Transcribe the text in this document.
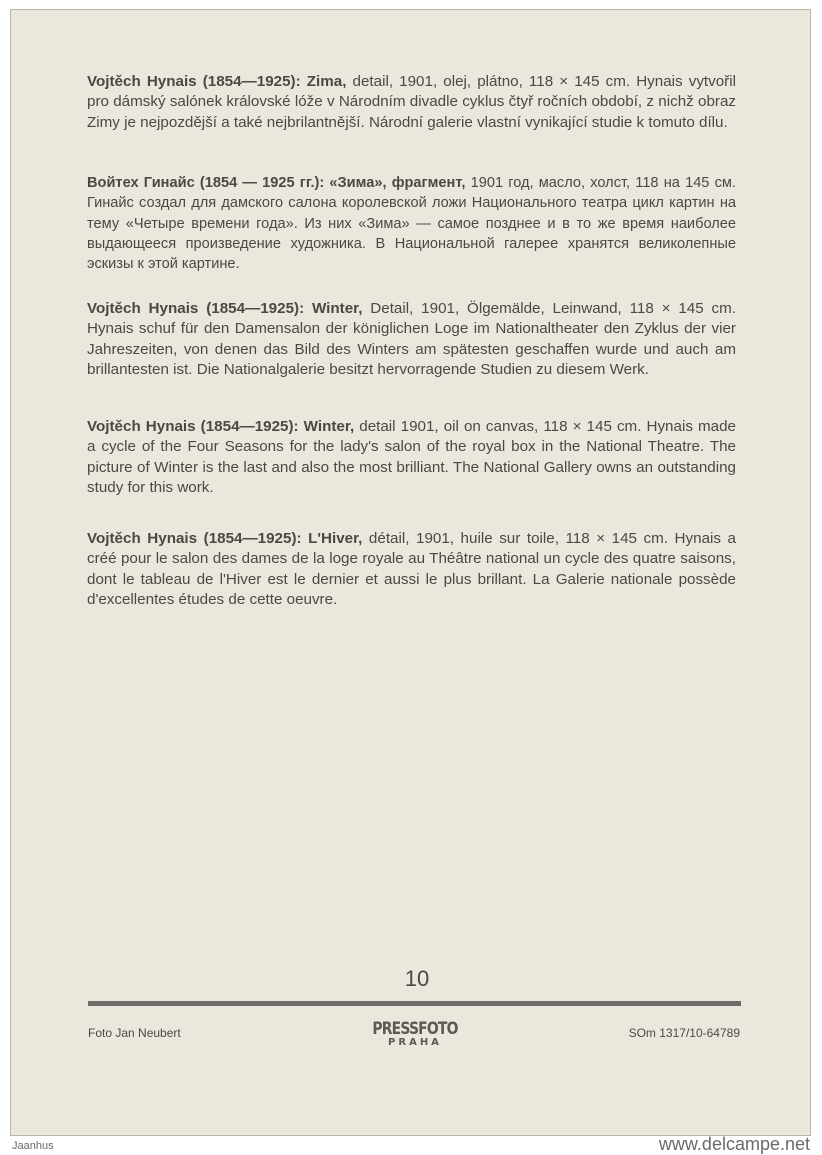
Vojtěch Hynais (1854—1925): Zima, detail, 1901, olej, plátno, 118 × 145 cm. Hynais vytvořil pro dámský salónek královské lóže v Národním divadle cyklus čtyř ročních období, z nichž obraz Zimy je nejpozdější a také nejbrilantnější. Národní galerie vlastní vynikající studie k tomuto dílu.

Войтех Гинайс (1854 — 1925 гг.): «Зима», фрагмент, 1901 год, масло, холст, 118 на 145 см. Гинайс создал для дамского салона королевской ложи Национального театра цикл картин на тему «Четыре времени года». Из них «Зима» — самое позднее и в то же время наиболее выдающееся произведение художника. В Национальной галерее хранятся великолепные эскизы к этой картине.

Vojtěch Hynais (1854—1925): Winter, Detail, 1901, Ölgemälde, Leinwand, 118 × 145 cm. Hynais schuf für den Damensalon der königlichen Loge im Nationaltheater den Zyklus der vier Jahreszeiten, von denen das Bild des Winters am spätesten geschaffen wurde und auch am brillantesten ist. Die Nationalgalerie besitzt hervorragende Studien zu diesem Werk.

Vojtěch Hynais (1854—1925): Winter, detail 1901, oil on canvas, 118 × 145 cm. Hynais made a cycle of the Four Seasons for the lady's salon of the royal box in the National Theatre. The picture of Winter is the last and also the most brilliant. The National Gallery owns an outstanding study for this work.

Vojtěch Hynais (1854—1925): L'Hiver, détail, 1901, huile sur toile, 118 × 145 cm. Hynais a créé pour le salon des dames de la loge royale au Théâtre national un cycle des quatre saisons, dont le tableau de l'Hiver est le dernier et aussi le plus brillant. La Galerie nationale possède d'excellentes études de cette oeuvre.

10
Foto Jan Neubert	PRESSFOTO
PRAHA
SOm 1317/10-64789
Jaanhus	www.delcampe.net
